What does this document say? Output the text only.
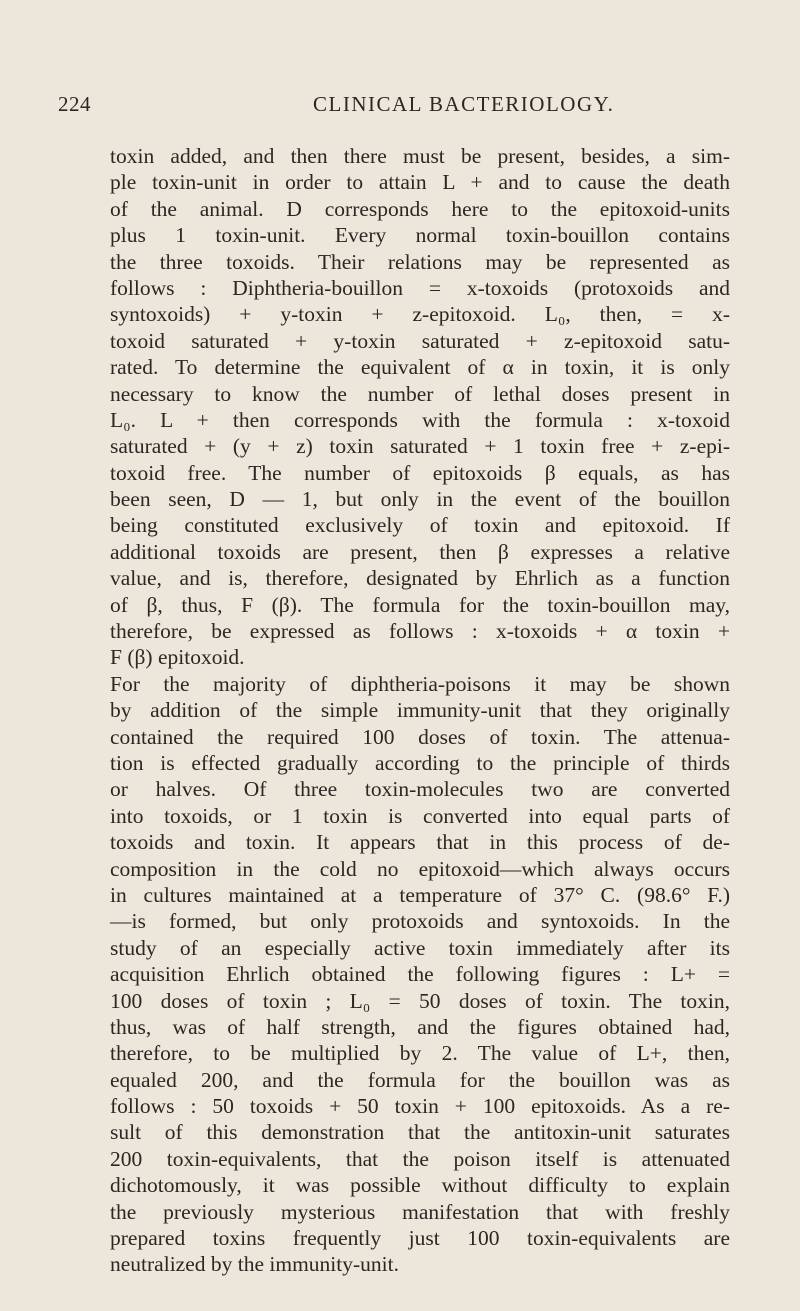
224	CLINICAL BACTERIOLOGY.
toxin added, and then there must be present, besides, a sim-
ple toxin-unit in order to attain L + and to cause the death
of the animal. D corresponds here to the epitoxoid-units
plus 1 toxin-unit. Every normal toxin-bouillon contains
the three toxoids. Their relations may be represented as
follows : Diphtheria-bouillon = x-toxoids (protoxoids and
syntoxoids) + y-toxin + z-epitoxoid. L₀, then, = x-
toxoid saturated + y-toxin saturated + z-epitoxoid satu-
rated. To determine the equivalent of α in toxin, it is only
necessary to know the number of lethal doses present in
L₀. L + then corresponds with the formula : x-toxoid
saturated + (y + z) toxin saturated + 1 toxin free + z-epi-
toxoid free. The number of epitoxoids β equals, as has
been seen, D — 1, but only in the event of the bouillon
being constituted exclusively of toxin and epitoxoid. If
additional toxoids are present, then β expresses a relative
value, and is, therefore, designated by Ehrlich as a function
of β, thus, F (β). The formula for the toxin-bouillon may,
therefore, be expressed as follows : x-toxoids + α toxin +
F (β) epitoxoid.
For the majority of diphtheria-poisons it may be shown
by addition of the simple immunity-unit that they originally
contained the required 100 doses of toxin. The attenua-
tion is effected gradually according to the principle of thirds
or halves. Of three toxin-molecules two are converted
into toxoids, or 1 toxin is converted into equal parts of
toxoids and toxin. It appears that in this process of de-
composition in the cold no epitoxoid—which always occurs
in cultures maintained at a temperature of 37° C. (98.6° F.)
—is formed, but only protoxoids and syntoxoids. In the
study of an especially active toxin immediately after its
acquisition Ehrlich obtained the following figures : L+ =
100 doses of toxin ; L₀ = 50 doses of toxin. The toxin,
thus, was of half strength, and the figures obtained had,
therefore, to be multiplied by 2. The value of L+, then,
equaled 200, and the formula for the bouillon was as
follows : 50 toxoids + 50 toxin + 100 epitoxoids. As a re-
sult of this demonstration that the antitoxin-unit saturates
200 toxin-equivalents, that the poison itself is attenuated
dichotomously, it was possible without difficulty to explain
the previously mysterious manifestation that with freshly
prepared toxins frequently just 100 toxin-equivalents are
neutralized by the immunity-unit.
